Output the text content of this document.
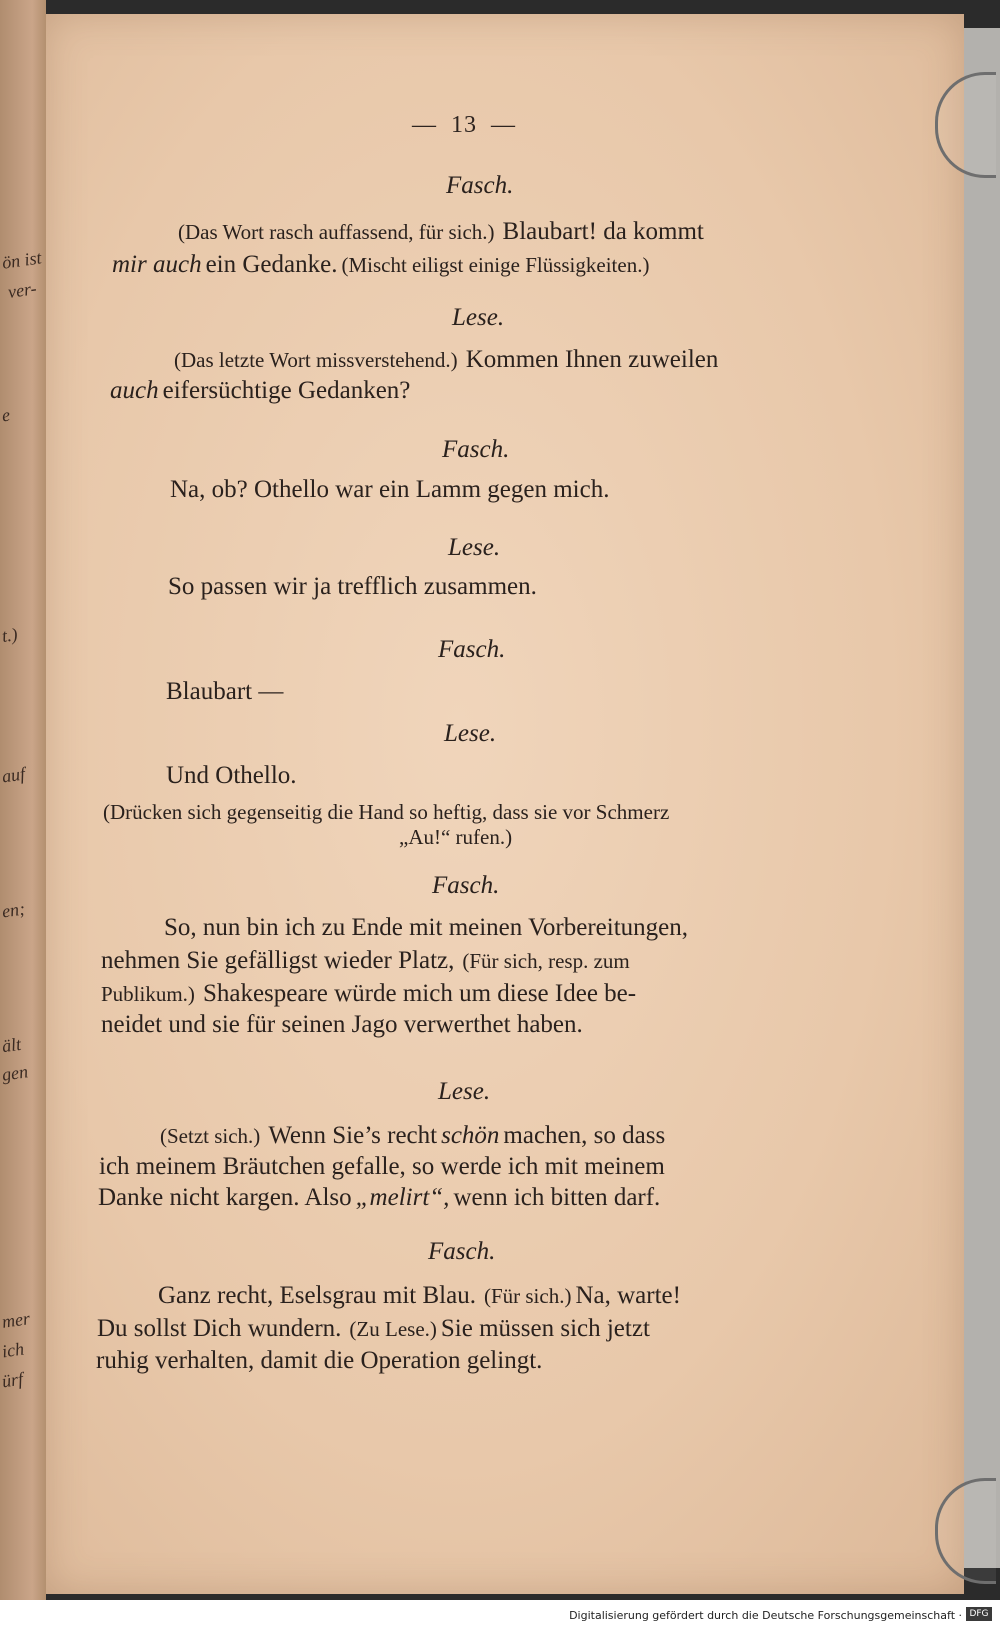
ön ist
ver-
e
t.)
auf
en;
ält
gen
mer
ich
ürf
— 13 —
Fasch.
(Das Wort rasch auffassend, für sich.) Blaubart! da kommt
mir auch ein Gedanke. (Mischt eiligst einige Flüssigkeiten.)
Lese.
(Das letzte Wort missverstehend.) Kommen Ihnen zuweilen
auch eifersüchtige Gedanken?
Fasch.
Na, ob? Othello war ein Lamm gegen mich.
Lese.
So passen wir ja trefflich zusammen.
Fasch.
Blaubart —
Lese.
Und Othello.
(Drücken sich gegenseitig die Hand so heftig, dass sie vor Schmerz
„Au!“ rufen.)
Fasch.
So, nun bin ich zu Ende mit meinen Vorbereitungen,
nehmen Sie gefälligst wieder Platz, (Für sich, resp. zum
Publikum.) Shakespeare würde mich um diese Idee be-
neidet und sie für seinen Jago verwerthet haben.
Lese.
(Setzt sich.) Wenn Sie’s recht schön machen, so dass
ich meinem Bräutchen gefalle, so werde ich mit meinem
Danke nicht kargen. Also „melirt“, wenn ich bitten darf.
Fasch.
Ganz recht, Eselsgrau mit Blau. (Für sich.) Na, warte!
Du sollst Dich wundern. (Zu Lese.) Sie müssen sich jetzt
ruhig verhalten, damit die Operation gelingt.
Digitalisierung gefördert durch die Deutsche Forschungsgemeinschaft · DFG
